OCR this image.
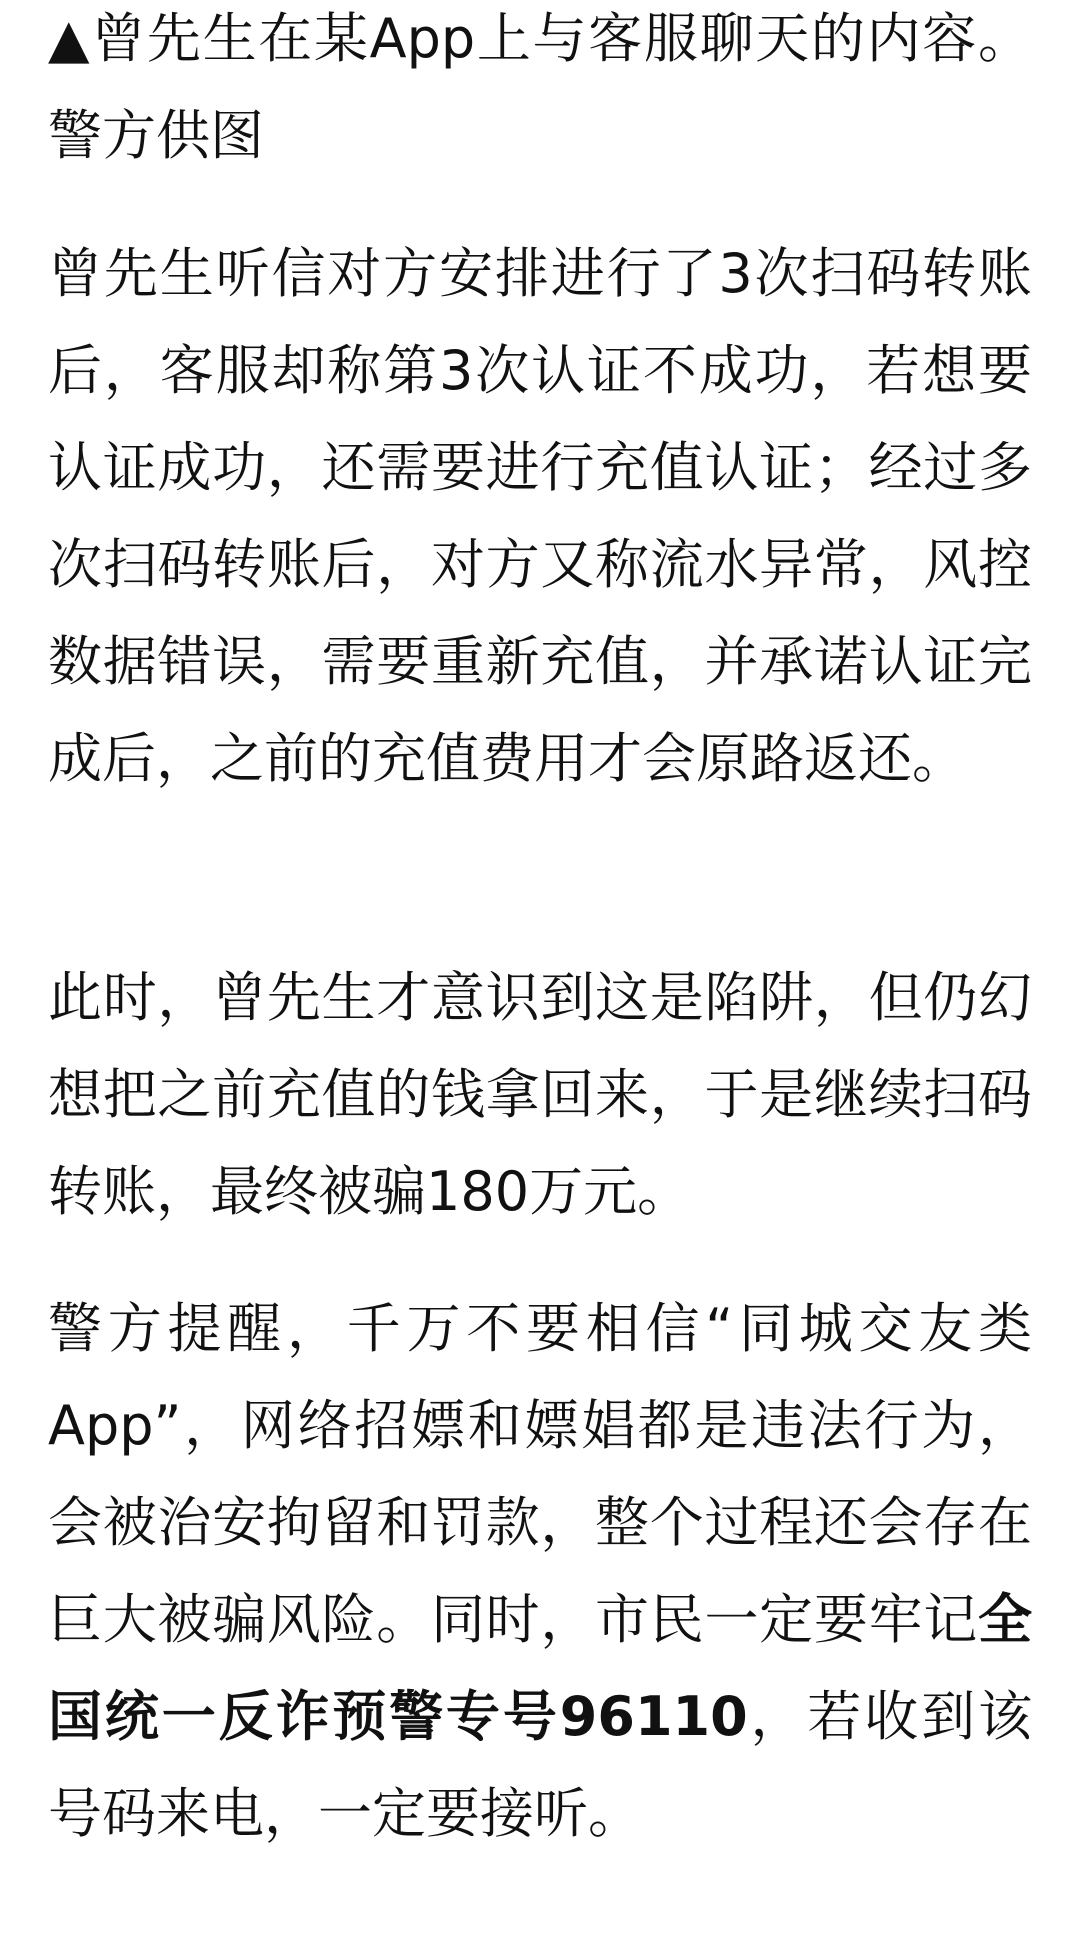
▲曾先生在某App上与客服聊天的内容。警方供图

曾先生听信对方安排进行了3次扫码转账后，客服却称第3次认证不成功，若想要认证成功，还需要进行充值认证；经过多次扫码转账后，对方又称流水异常，风控数据错误，需要重新充值，并承诺认证完成后，之前的充值费用才会原路返还。

此时，曾先生才意识到这是陷阱，但仍幻想把之前充值的钱拿回来，于是继续扫码转账，最终被骗180万元。

警方提醒，千万不要相信“同城交友类App”，网络招嫖和嫖娼都是违法行为，会被治安拘留和罚款，整个过程还会存在巨大被骗风险。同时，市民一定要牢记全国统一反诈预警专号96110，若收到该号码来电，一定要接听。
